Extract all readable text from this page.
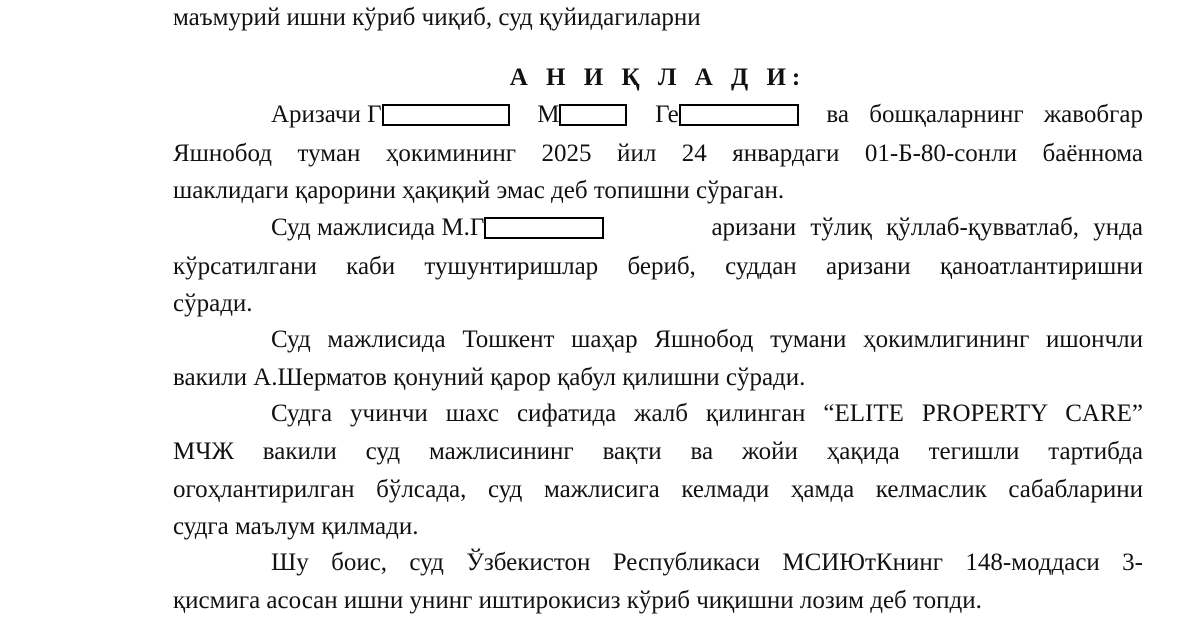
маъмурий ишни кўриб чиқиб, суд қуйидагиларни
А Н И Қ Л А Д И:
Аризачи Г	М	Ге	ва бошқаларнинг жавобгар
Яшнобод туман ҳокимининг 2025 йил 24 январдаги 01-Б-80-сонли баённома
шаклидаги қарорини ҳақиқий эмас деб топишни сўраган.
Суд мажлисида М.Г	аризани тўлиқ қўллаб-қувватлаб, унда
кўрсатилгани каби тушунтиришлар бериб, суддан аризани қаноатлантиришни
сўради.
Суд мажлисида Тошкент шаҳар Яшнобод тумани ҳокимлигининг ишончли
вакили А.Шерматов қонуний қарор қабул қилишни сўради.
Судга учинчи шахс сифатида жалб қилинган “ELITE PROPERTY CARE”
МЧЖ вакили суд мажлисининг вақти ва жойи ҳақида тегишли тартибда
огоҳлантирилган бўлсада, суд мажлисига келмади ҳамда келмаслик сабабларини
судга маълум қилмади.
Шу боис, суд Ўзбекистон Республикаси МСИЮтКнинг 148-моддаси 3-
қисмига асосан ишни унинг иштирокисиз кўриб чиқишни лозим деб топди.
